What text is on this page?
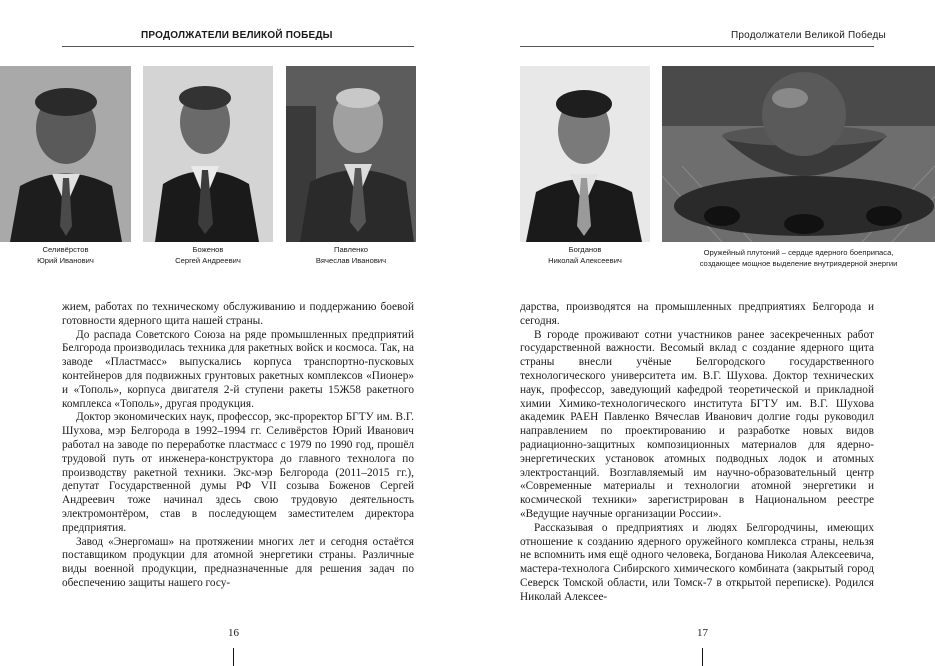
ПРОДОЛЖАТЕЛИ ВЕЛИКОЙ ПОБЕДЫ
Селивёрстов
Юрий Иванович
Боженов
Сергей Андреевич
Павленко
Вячеслав Иванович

жием, работах по техническому обслуживанию и поддержанию боевой готовности ядерного щита нашей страны.

До распада Советского Союза на ряде промышленных предприятий Белгорода производилась техника для ракетных войск и космоса. Так, на заводе «Пластмасс» выпускались корпуса транспортно-пусковых контейнеров для подвижных грунтовых ракетных комплексов «Пионер» и «Тополь», корпуса двигателя 2-й ступени ракеты 15Ж58 ракетного комплекса «Тополь», другая продукция.

Доктор экономических наук, профессор, экс-проректор БГТУ им. В.Г. Шухова, мэр Белгорода в 1992–1994 гг. Селивёрстов Юрий Иванович работал на заводе по переработке пластмасс с 1979 по 1990 год, прошёл трудовой путь от инженера-конструктора до главного технолога по производству ракетной техники. Экс-мэр Белгорода (2011–2015 гг.), депутат Государственной думы РФ VII созыва Боженов Сергей Андреевич тоже начинал здесь свою трудовую деятельность электромонтёром, став в последующем заместителем директора предприятия.

Завод «Энергомаш» на протяжении многих лет и сегодня остаётся поставщиком продукции для атомной энергетики страны. Различные виды военной продукции, предназначенные для решения задач по обеспечению защиты нашего госу-

16
Продолжатели Великой Победы
Богданов
Николай Алексеевич
Оружейный плутоний – сердце ядерного боеприпаса,
создающее мощное выделение внутриядерной энергии

дарства, производятся на промышленных предприятиях Белгорода и сегодня.

В городе проживают сотни участников ранее засекреченных работ государственной важности. Весомый вклад с создание ядерного щита страны внесли учёные Белгородского государственного технологического университета им. В.Г. Шухова. Доктор технических наук, профессор, заведующий кафедрой теоретической и прикладной химии Химико-технологического института БГТУ им. В.Г. Шухова академик РАЕН Павленко Вячеслав Иванович долгие годы руководил направлением по проектированию и разработке новых видов радиационно-защитных композиционных материалов для ядерно-энергетических установок атомных подводных лодок и атомных электростанций. Возглавляемый им научно-образовательный центр «Современные материалы и технологии атомной энергетики и космической техники» зарегистрирован в Национальном реестре «Ведущие научные организации России».

Рассказывая о предприятиях и людях Белгородчины, имеющих отношение к созданию ядерного оружейного комплекса страны, нельзя не вспомнить имя ещё одного человека, Богданова Николая Алексеевича, мастера-технолога Сибирского химического комбината (закрытый город Северск Томской области, или Томск-7 в открытой переписке). Родился Николай Алексее-

17
